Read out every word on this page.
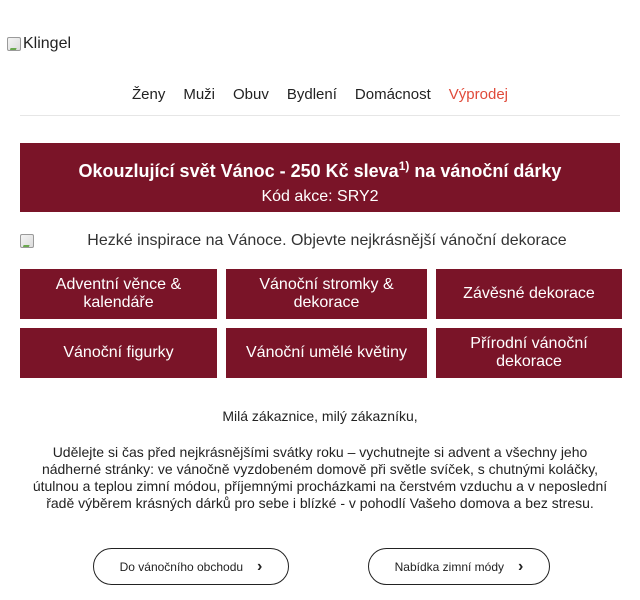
Klingel
Ženy Muži Obuv Bydlení Domácnost Výprodej
Okouzlující svět Vánoc - 250 Kč sleva$^{1)}$ na vánoční dárky
Kód akce: SRY2
Hezké inspirace na Vánoce. Objevte nejkrásnější vánoční dekorace
Adventní věnce & kalendáře
Vánoční stromky & dekorace
Závěsné dekorace
Vánoční figurky	Vánoční umělé květiny
Přírodní vánoční dekorace
Milá zákaznice, milý zákazníku,
Udělejte si čas před nejkrásnějšími svátky roku – vychutnejte si advent a všechny jeho nádherné stránky: ve vánočně vyzdobeném domově při světle svíček, s chutnými koláčky, útulnou a teplou zimní módou, příjemnými procházkami na čerstvém vzduchu a v neposlední řadě výběrem krásných dárků pro sebe i blízké - v pohodlí Vašeho domova a bez stresu.
Do vánočního obchodu ›	Nabídka zimní módy ›
